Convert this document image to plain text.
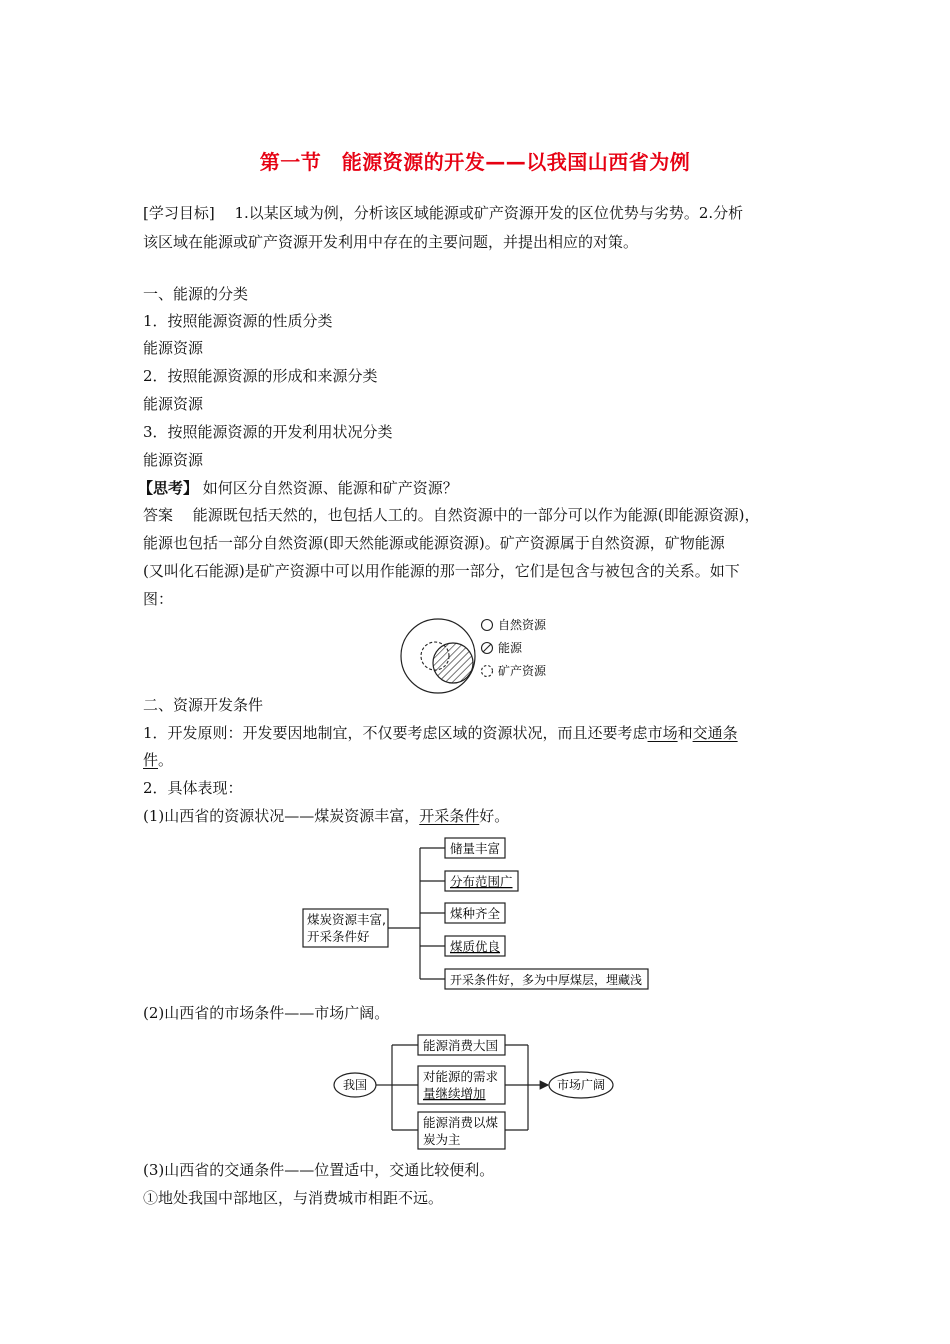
第一节　能源资源的开发——以我国山西省为例
[学习目标]　 1.以某区域为例，分析该区域能源或矿产资源开发的区位优势与劣势。2.分析
该区域在能源或矿产资源开发利用中存在的主要问题，并提出相应的对策。
一、能源的分类
1．按照能源资源的性质分类
能源资源
2．按照能源资源的形成和来源分类
能源资源
3．按照能源资源的开发利用状况分类
能源资源
【思考】 如何区分自然资源、能源和矿产资源？
答案　 能源既包括天然的，也包括人工的。自然资源中的一部分可以作为能源(即能源资源)，
能源也包括一部分自然资源(即天然能源或能源资源)。矿产资源属于自然资源，矿物能源
(又叫化石能源)是矿产资源中可以用作能源的那一部分，它们是包含与被包含的关系。如下
图：
自然资源
能源
矿产资源
二、资源开发条件
1．开发原则：开发要因地制宜，不仅要考虑区域的资源状况，而且还要考虑市场和交通条
件。
2．具体表现：
(1)山西省的资源状况——煤炭资源丰富，开采条件好。
煤炭资源丰富,
开采条件好
储量丰富
分布范围广
煤种齐全
煤质优良
开采条件好，多为中厚煤层，埋藏浅
(2)山西省的市场条件——市场广阔。
我国
能源消费大国
对能源的需求
量继续增加
能源消费以煤
炭为主
市场广阔
(3)山西省的交通条件——位置适中，交通比较便利。
①地处我国中部地区，与消费城市相距不远。
